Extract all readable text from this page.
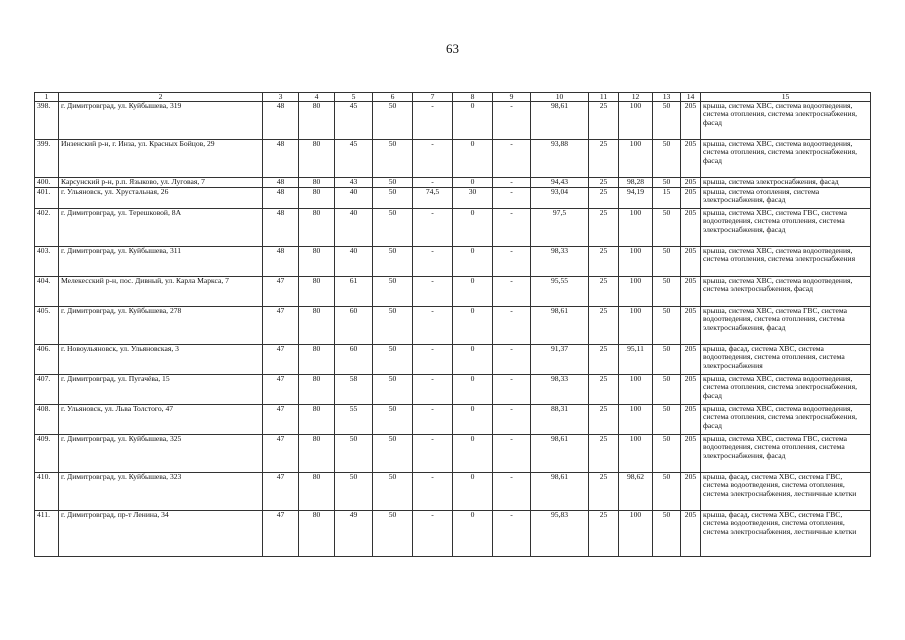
63
1	2	3	4	5	6	7	8	9	10	11	12	13	14	15
398.	г. Димитровград, ул. Куйбышева, 319	48	80	45	50	-	0	-	98,61	25	100	50	205	крыша, система ХВС, система водоотведения, система отопления, система электроснабжения, фасад
399.	Инзенский р-н, г. Инза, ул. Красных Бойцов, 29	48	80	45	50	-	0	-	93,88	25	100	50	205	крыша, система ХВС, система водоотведения, система отопления, система электроснабжения, фасад
400.	Карсунский р-н, р.п. Языково, ул. Луговая, 7	48	80	43	50	-	0	-	94,43	25	98,28	50	205	крыша, система электроснабжения, фасад
401.	г. Ульяновск, ул. Хрустальная, 26	48	80	40	50	74,5	30	-	93,04	25	94,19	15	205	крыша, система отопления, система электроснабжения, фасад
402.	г. Димитровград, ул. Терешковой, 8А	48	80	40	50	-	0	-	97,5	25	100	50	205	крыша, система ХВС, система ГВС, система водоотведения, система отопления, система электроснабжения, фасад
403.	г. Димитровград, ул. Куйбышева, 311	48	80	40	50	-	0	-	98,33	25	100	50	205	крыша, система ХВС, система водоотведения, система отопления, система электроснабжения
404.	Мелекесский р-н, пос. Дивный, ул. Карла Маркса, 7	47	80	61	50	-	0	-	95,55	25	100	50	205	крыша, система ХВС, система водоотведения, система электроснабжения, фасад
405.	г. Димитровград, ул. Куйбышева, 278	47	80	60	50	-	0	-	98,61	25	100	50	205	крыша, система ХВС, система ГВС, система водоотведения, система отопления, система электроснабжения, фасад
406.	г. Новоульяновск, ул. Ульяновская, 3	47	80	60	50	-	0	-	91,37	25	95,11	50	205	крыша, фасад, система ХВС, система водоотведения, система отопления, система электроснабжения
407.	г. Димитровград, ул. Пугачёва, 15	47	80	58	50	-	0	-	98,33	25	100	50	205	крыша, система ХВС, система водоотведения, система отопления, система электроснабжения, фасад
408.	г. Ульяновск, ул. Льва Толстого, 47	47	80	55	50	-	0	-	88,31	25	100	50	205	крыша, система ХВС, система водоотведения, система отопления, система электроснабжения, фасад
409.	г. Димитровград, ул. Куйбышева, 325	47	80	50	50	-	0	-	98,61	25	100	50	205	крыша, система ХВС, система ГВС, система водоотведения, система отопления, система электроснабжения, фасад
410.	г. Димитровград, ул. Куйбышева, 323	47	80	50	50	-	0	-	98,61	25	98,62	50	205	крыша, фасад, система ХВС, система ГВС, система водоотведения, система отопления, система электроснабжения, лестничные клетки
411.	г. Димитровград, пр-т Ленина, 34	47	80	49	50	-	0	-	95,83	25	100	50	205	крыша, фасад, система ХВС, система ГВС, система водоотведения, система отопления, система электроснабжения, лестничные клетки
